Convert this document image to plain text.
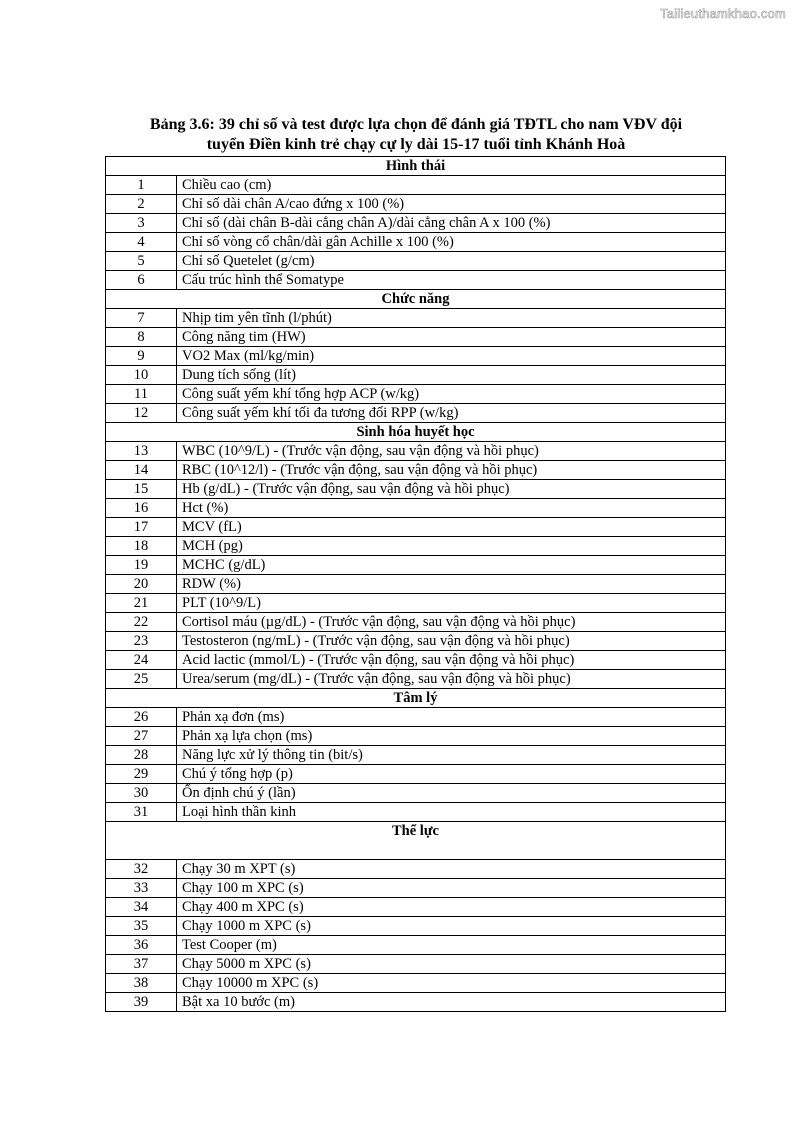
Tailieuthamkhao.com
Bảng 3.6: 39 chỉ số và test được lựa chọn để đánh giá TĐTL cho nam VĐV đội
tuyển Điền kinh trẻ chạy cự ly dài 15-17 tuổi tỉnh Khánh Hoà
Hình thái	
1	Chiều cao (cm)
2	Chỉ số dài chân A/cao đứng x 100 (%)
3	Chỉ số (dài chân B-dài cẳng chân A)/dài cẳng chân A x 100 (%)
4	Chỉ số vòng cổ chân/dài gân Achille x 100 (%)
5	Chỉ số Quetelet (g/cm)
6	Cấu trúc hình thể Somatype
Chức năng	
7	Nhịp tim yên tĩnh (l/phút)
8	Công năng tim (HW)
9	VO2 Max (ml/kg/min)
10	Dung tích sống (lít)
11	Công suất yếm khí tổng hợp ACP (w/kg)
12	Công suất yếm khí tối đa tương đối RPP (w/kg)
Sinh hóa huyết học	
13	WBC (10^9/L) - (Trước vận động, sau vận động và hồi phục)
14	RBC (10^12/l) - (Trước vận động, sau vận động và hồi phục)
15	Hb (g/dL) - (Trước vận động, sau vận động và hồi phục)
16	Hct (%)
17	MCV (fL)
18	MCH (pg)
19	MCHC (g/dL)
20	RDW (%)
21	PLT (10^9/L)
22	Cortisol máu (µg/dL) - (Trước vận động, sau vận động và hồi phục)
23	Testosteron (ng/mL) - (Trước vận động, sau vận động và hồi phục)
24	Acid lactic (mmol/L) - (Trước vận động, sau vận động và hồi phục)
25	Urea/serum (mg/dL) - (Trước vận động, sau vận động và hồi phục)
Tâm lý	
26	Phản xạ đơn (ms)
27	Phản xạ lựa chọn (ms)
28	Năng lực xử lý thông tin (bit/s)
29	Chú ý tổng hợp (p)
30	Ổn định chú ý (lần)
31	Loại hình thần kinh
Thể lực	
32	Chạy 30 m XPT (s)
33	Chạy 100 m XPC (s)
34	Chạy 400 m XPC (s)
35	Chạy 1000 m XPC (s)
36	Test Cooper (m)
37	Chạy 5000 m XPC (s)
38	Chạy 10000 m XPC (s)
39	Bật xa 10 bước (m)
